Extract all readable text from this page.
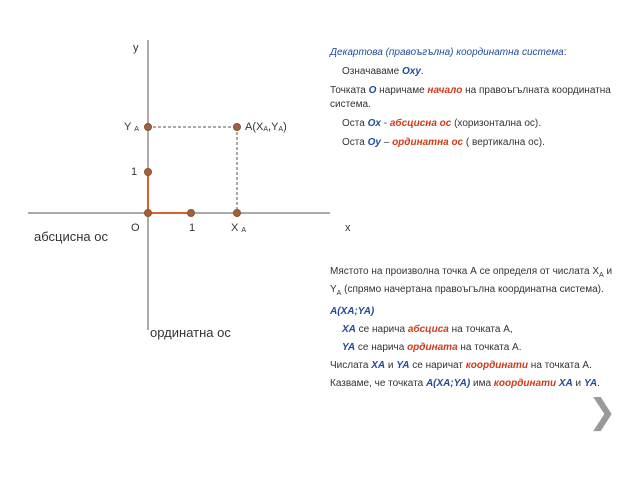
y
x
O
1
1
Y $_A$
X $_A$
$A(X_A,Y_A)$
абсцисна ос
ординатна ос

Декартова (правоъгълна) координатна система:

Означаваме Oxy.

Точката O наричаме начало на правоъгълната координатна система.

Оста Ox - абсцисна ос (хоризонтална ос).

Оста Oy – ординатна ос ( вертикална ос).

Мястото на произволна точка А се определя от числата $Х_А$ и $Y_А$ (спрямо начертана правоъгълна координатна система).

A(XA;YA)

XA се нарича абсциса на точката А,

YA се нарича ордината на точката А.

Числата XA и YA се наричат координати на точката А.

Казваме, че точката A(XA;YA) има координати XA и YA.

❯
